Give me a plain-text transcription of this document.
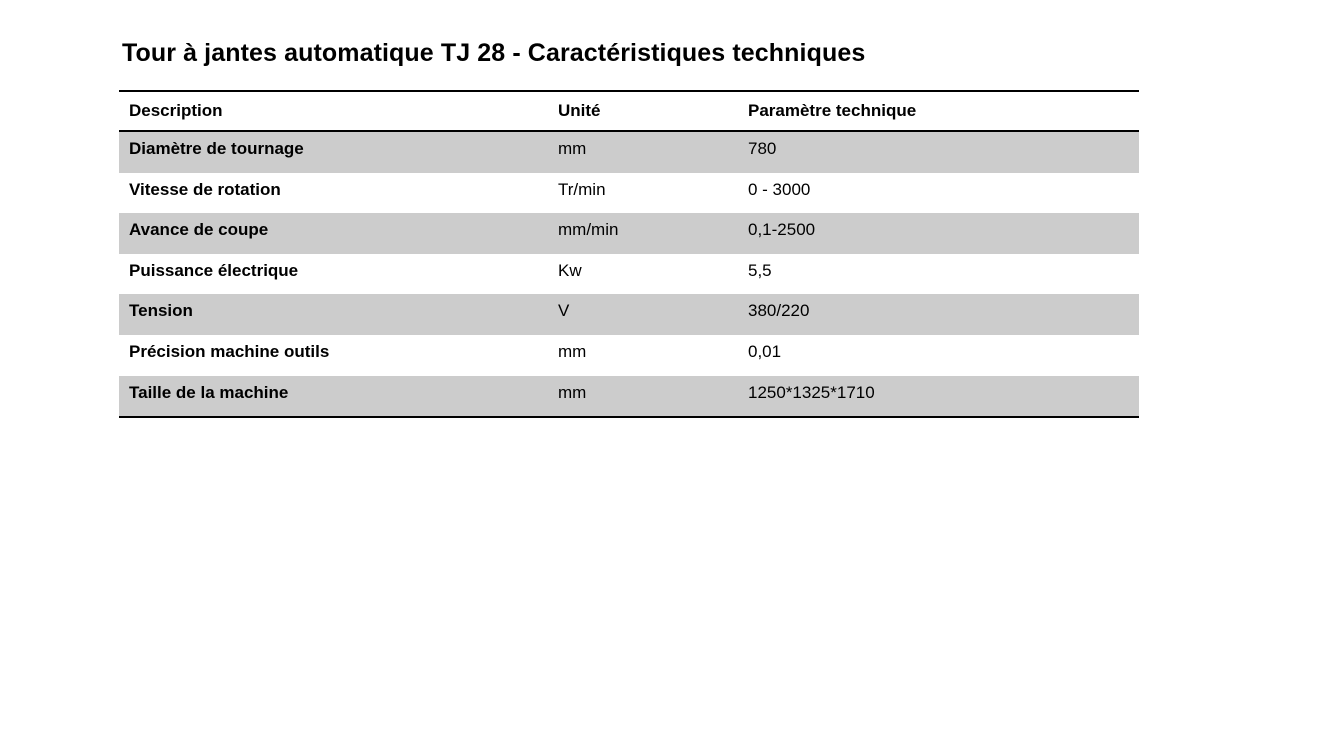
Tour à jantes automatique TJ 28 - Caractéristiques techniques
Description	Unité	Paramètre technique
Diamètre de tournage	mm	780
Vitesse de rotation	Tr/min	0 - 3000
Avance de coupe	mm/min	0,1-2500
Puissance électrique	Kw	5,5
Tension	V	380/220
Précision machine outils	mm	0,01
Taille de la machine	mm	1250*1325*1710
